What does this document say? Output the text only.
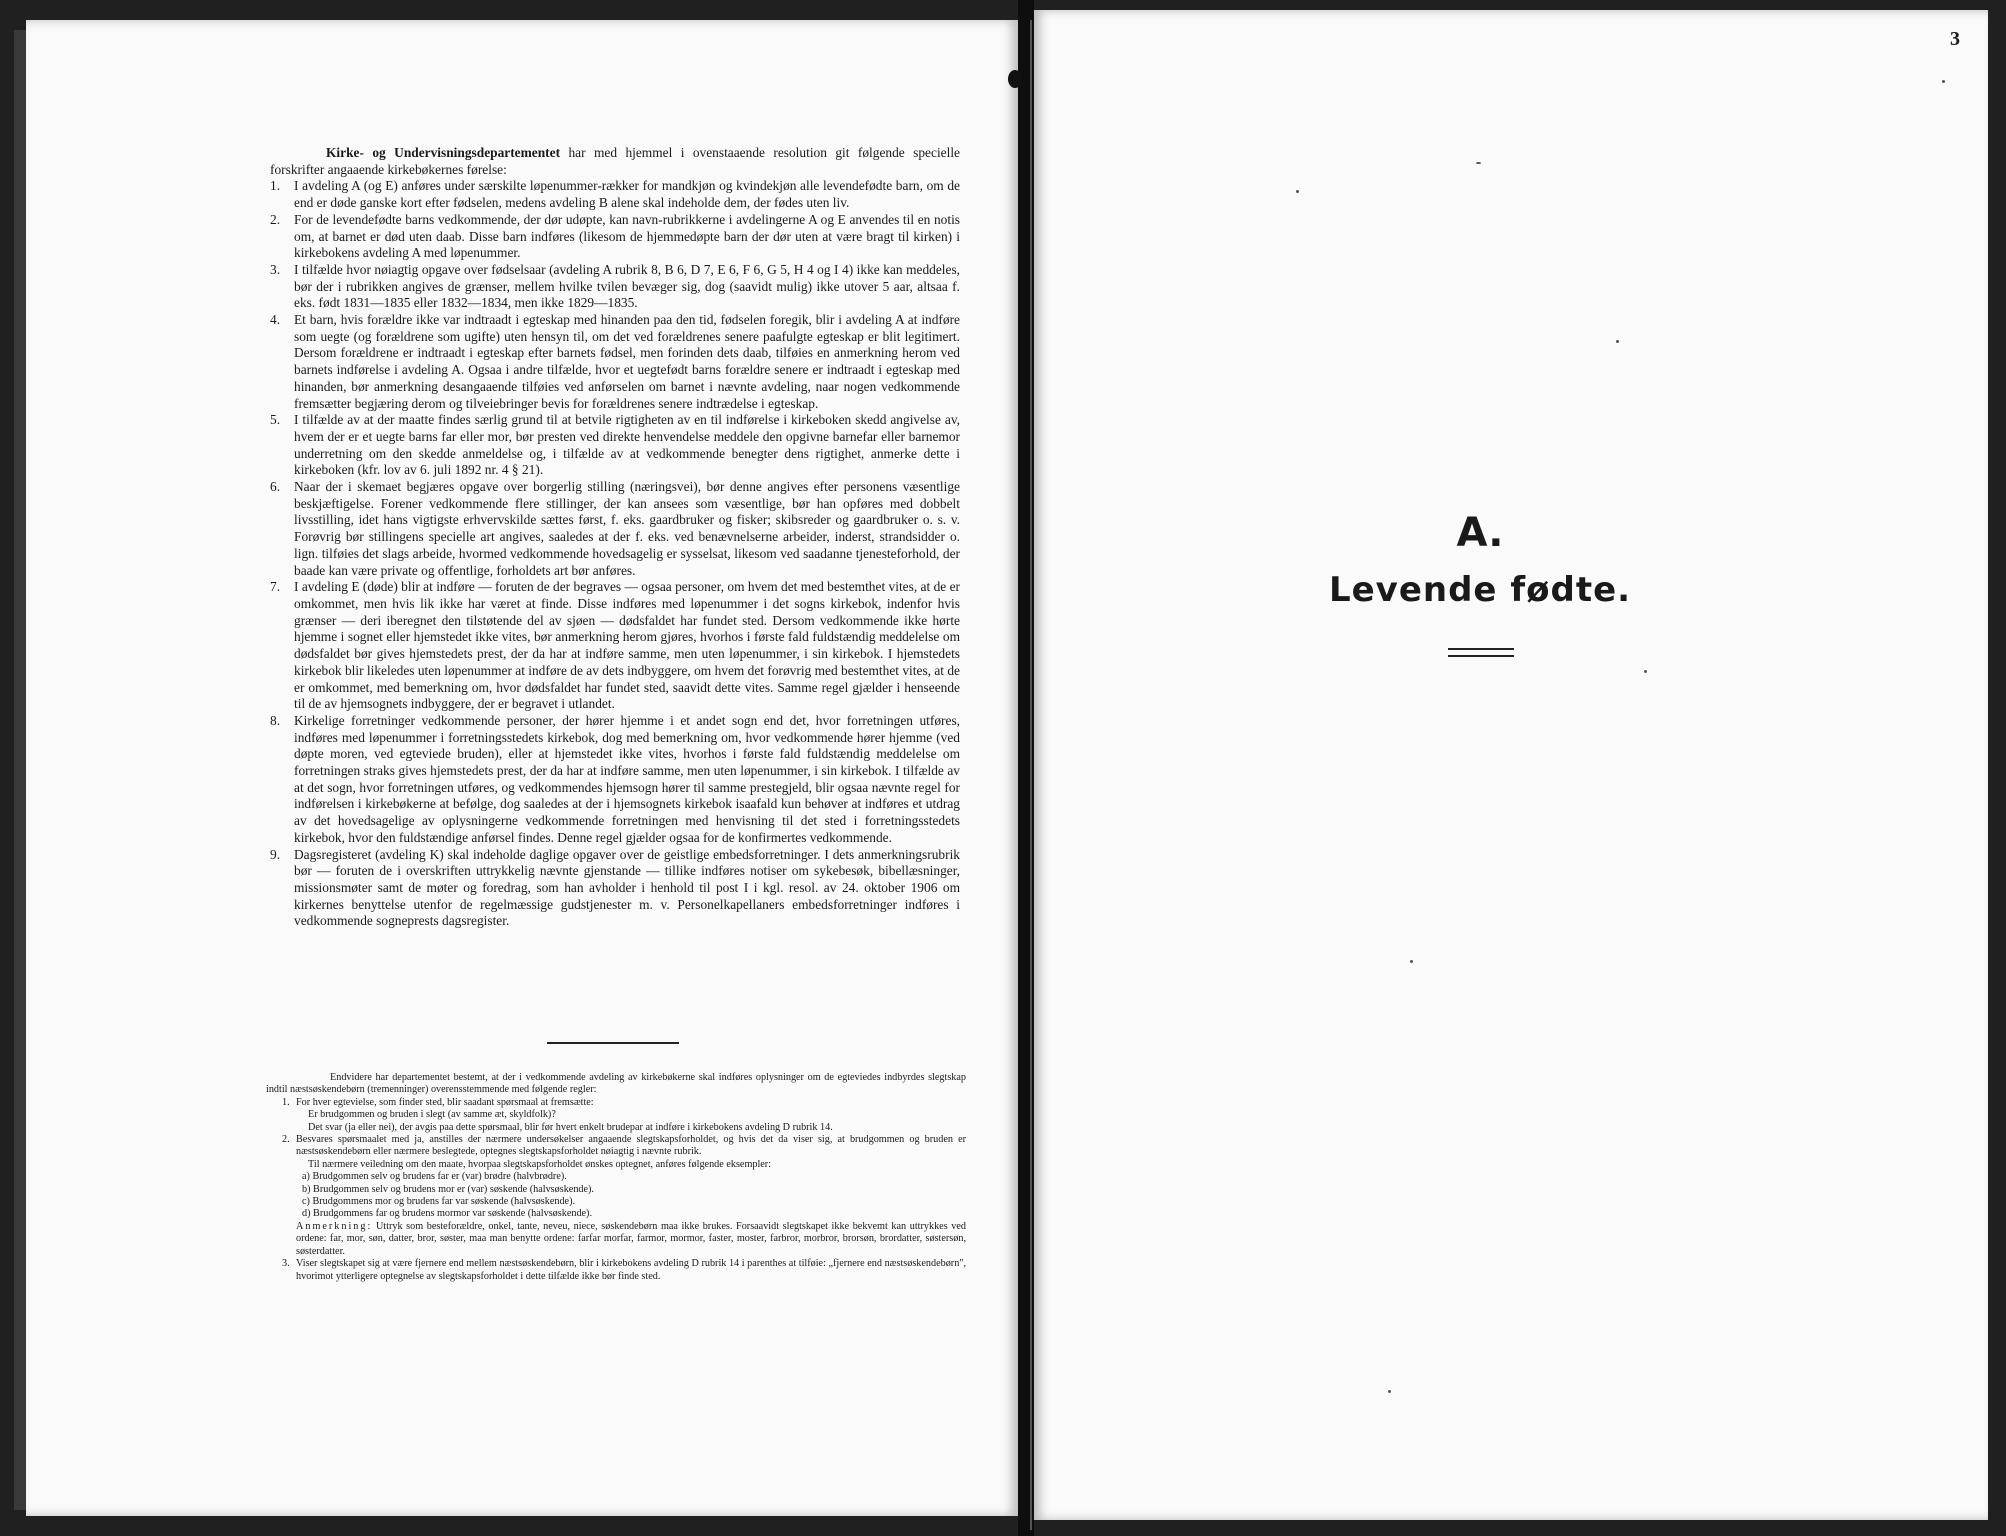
3

Kirke- og Undervisningsdepartementet har med hjemmel i ovenstaaende resolution git følgende specielle forskrifter angaaende kirkebøkernes førelse:

1. I avdeling A (og E) anføres under særskilte løpenummer-rækker for mandkjøn og kvindekjøn alle levendefødte barn, om de end er døde ganske kort efter fødselen, medens avdeling B alene skal indeholde dem, der fødes uten liv.
2. For de levendefødte barns vedkommende, der dør udøpte, kan navn-rubrikkerne i avdelingerne A og E anvendes til en notis om, at barnet er død uten daab. Disse barn indføres (likesom de hjemmedøpte barn der dør uten at være bragt til kirken) i kirkebokens avdeling A med løpenummer.
3. I tilfælde hvor nøiagtig opgave over fødselsaar (avdeling A rubrik 8, B 6, D 7, E 6, F 6, G 5, H 4 og I 4) ikke kan meddeles, bør der i rubrikken angives de grænser, mellem hvilke tvilen bevæger sig, dog (saavidt mulig) ikke utover 5 aar, altsaa f. eks. født 1831—1835 eller 1832—1834, men ikke 1829—1835.
4. Et barn, hvis forældre ikke var indtraadt i egteskap med hinanden paa den tid, fødselen foregik, blir i avdeling A at indføre som uegte (og forældrene som ugifte) uten hensyn til, om det ved forældrenes senere paafulgte egteskap er blit legitimert. Dersom forældrene er indtraadt i egteskap efter barnets fødsel, men forinden dets daab, tilføies en anmerkning herom ved barnets indførelse i avdeling A. Ogsaa i andre tilfælde, hvor et uegtefødt barns forældre senere er indtraadt i egteskap med hinanden, bør anmerkning desangaaende tilføies ved anførselen om barnet i nævnte avdeling, naar nogen vedkommende fremsætter begjæring derom og tilveiebringer bevis for forældrenes senere indtrædelse i egteskap.
5. I tilfælde av at der maatte findes særlig grund til at betvile rigtigheten av en til indførelse i kirkeboken skedd angivelse av, hvem der er et uegte barns far eller mor, bør presten ved direkte henvendelse meddele den opgivne barnefar eller barnemor underretning om den skedde anmeldelse og, i tilfælde av at vedkommende benegter dens rigtighet, anmerke dette i kirkeboken (kfr. lov av 6. juli 1892 nr. 4 § 21).
6. Naar der i skemaet begjæres opgave over borgerlig stilling (næringsvei), bør denne angives efter personens væsentlige beskjæftigelse. Forener vedkommende flere stillinger, der kan ansees som væsentlige, bør han opføres med dobbelt livsstilling, idet hans vigtigste erhvervskilde sættes først, f. eks. gaardbruker og fisker; skibsreder og gaardbruker o. s. v. Forøvrig bør stillingens specielle art angives, saaledes at der f. eks. ved benævnelserne arbeider, inderst, strandsidder o. lign. tilføies det slags arbeide, hvormed vedkommende hovedsagelig er sysselsat, likesom ved saadanne tjenesteforhold, der baade kan være private og offentlige, forholdets art bør anføres.
7. I avdeling E (døde) blir at indføre — foruten de der begraves — ogsaa personer, om hvem det med bestemthet vites, at de er omkommet, men hvis lik ikke har været at finde. Disse indføres med løpenummer i det sogns kirkebok, indenfor hvis grænser — deri iberegnet den tilstøtende del av sjøen — dødsfaldet har fundet sted. Dersom vedkommende ikke hørte hjemme i sognet eller hjemstedet ikke vites, bør anmerkning herom gjøres, hvorhos i første fald fuldstændig meddelelse om dødsfaldet bør gives hjemstedets prest, der da har at indføre samme, men uten løpenummer, i sin kirkebok. I hjemstedets kirkebok blir likeledes uten løpenummer at indføre de av dets indbyggere, om hvem det forøvrig med bestemthet vites, at de er omkommet, med bemerkning om, hvor dødsfaldet har fundet sted, saavidt dette vites. Samme regel gjælder i henseende til de av hjemsognets indbyggere, der er begravet i utlandet.
8. Kirkelige forretninger vedkommende personer, der hører hjemme i et andet sogn end det, hvor forretningen utføres, indføres med løpenummer i forretningsstedets kirkebok, dog med bemerkning om, hvor vedkommende hører hjemme (ved døpte moren, ved egteviede bruden), eller at hjemstedet ikke vites, hvorhos i første fald fuldstændig meddelelse om forretningen straks gives hjemstedets prest, der da har at indføre samme, men uten løpenummer, i sin kirkebok. I tilfælde av at det sogn, hvor forretningen utføres, og vedkommendes hjemsogn hører til samme prestegjeld, blir ogsaa nævnte regel for indførelsen i kirkebøkerne at befølge, dog saaledes at der i hjemsognets kirkebok isaafald kun behøver at indføres et utdrag av det hovedsagelige av oplysningerne vedkommende forretningen med henvisning til det sted i forretningsstedets kirkebok, hvor den fuldstændige anførsel findes. Denne regel gjælder ogsaa for de konfirmertes vedkommende.
9. Dagsregisteret (avdeling K) skal indeholde daglige opgaver over de geistlige embedsforretninger. I dets anmerkningsrubrik bør — foruten de i overskriften uttrykkelig nævnte gjenstande — tillike indføres notiser om sykebesøk, bibellæsninger, missionsmøter samt de møter og foredrag, som han avholder i henhold til post I i kgl. resol. av 24. oktober 1906 om kirkernes benyttelse utenfor de regelmæssige gudstjenester m. v. Personelkapellaners embedsforretninger indføres i vedkommende sogneprests dagsregister.

Endvidere har departementet bestemt, at der i vedkommende avdeling av kirkebøkerne skal indføres oplysninger om de egteviedes indbyrdes slegtskap indtil næstsøskendebørn (tremenninger) overensstemmende med følgende regler:

1. For hver egtevielse, som finder sted, blir saadant spørsmaal at fremsætte:

Er brudgommen og bruden i slegt (av samme æt, skyldfolk)?

Det svar (ja eller nei), der avgis paa dette spørsmaal, blir før hvert enkelt brudepar at indføre i kirkebokens avdeling D rubrik 14.

2. Besvares spørsmaalet med ja, anstilles der nærmere undersøkelser angaaende slegtskapsforholdet, og hvis det da viser sig, at brudgommen og bruden er næstsøskendebørn eller nærmere beslegtede, optegnes slegtskapsforholdet nøiagtig i nævnte rubrik.

Til nærmere veiledning om den maate, hvorpaa slegtskapsforholdet ønskes optegnet, anføres følgende eksempler:

a) Brudgommen selv og brudens far er (var) brødre (halvbrødre).

b) Brudgommen selv og brudens mor er (var) søskende (halvsøskende).

c) Brudgommens mor og brudens far var søskende (halvsøskende).

d) Brudgommens far og brudens mormor var søskende (halvsøskende).

Anmerkning: Uttryk som besteforældre, onkel, tante, neveu, niece, søskendebørn maa ikke brukes. Forsaavidt slegtskapet ikke bekvemt kan uttrykkes ved ordene: far, mor, søn, datter, bror, søster, maa man benytte ordene: farfar morfar, farmor, mormor, faster, moster, farbror, morbror, brorsøn, brordatter, søstersøn, søsterdatter.

3. Viser slegtskapet sig at være fjernere end mellem næstsøskendebørn, blir i kirkebokens avdeling D rubrik 14 i parenthes at tilføie: „fjernere end næstsøskendebørn", hvorimot ytterligere optegnelse av slegtskapsforholdet i dette tilfælde ikke bør finde sted.

A.
Levende fødte.
